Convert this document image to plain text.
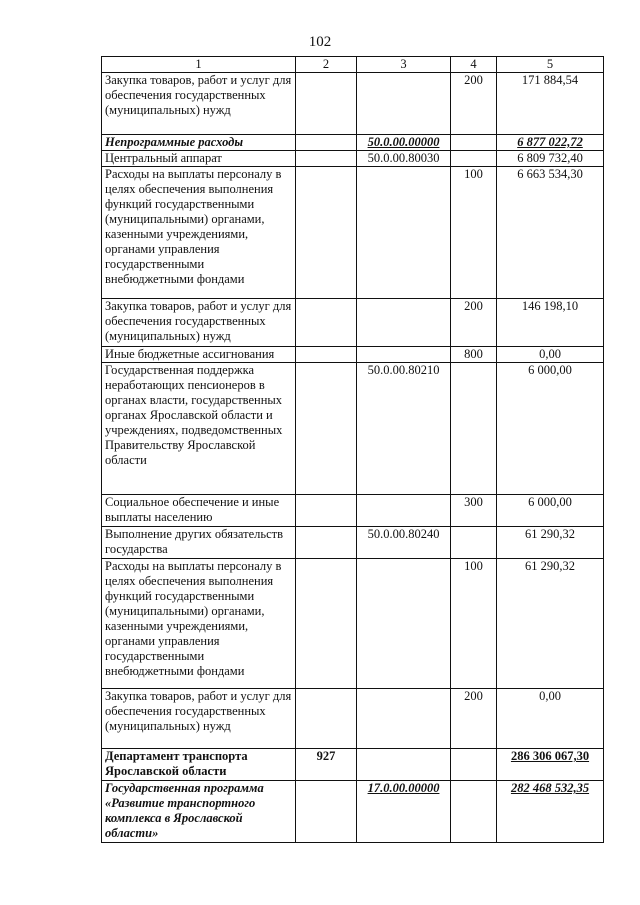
102
1	2	3	4	5
Закупка товаров, работ и услуг для обеспечения государственных (муниципальных) нужд			200	171 884,54
Непрограммные расходы		50.0.00.00000		6 877 022,72
Центральный аппарат		50.0.00.80030		6 809 732,40
Расходы на выплаты персоналу в целях обеспечения выполнения функций государственными (муниципальными) органами, казенными учреждениями, органами управления государственными внебюджетными фондами			100	6 663 534,30
Закупка товаров, работ и услуг для обеспечения государственных (муниципальных) нужд			200	146 198,10
Иные бюджетные ассигнования			800	0,00
Государственная поддержка неработающих пенсионеров в органах власти, государственных органах Ярославской области и учреждениях, подведомственных Правительству Ярославской области		50.0.00.80210		6 000,00
Социальное обеспечение и иные выплаты населению			300	6 000,00
Выполнение других обязательств государства		50.0.00.80240		61 290,32
Расходы на выплаты персоналу в целях обеспечения выполнения функций государственными (муниципальными) органами, казенными учреждениями, органами управления государственными внебюджетными фондами			100	61 290,32
Закупка товаров, работ и услуг для обеспечения государственных (муниципальных) нужд			200	0,00
Департамент транспорта Ярославской области	927			286 306 067,30
Государственная программа «Развитие транспортного комплекса в Ярославской области»		17.0.00.00000		282 468 532,35
